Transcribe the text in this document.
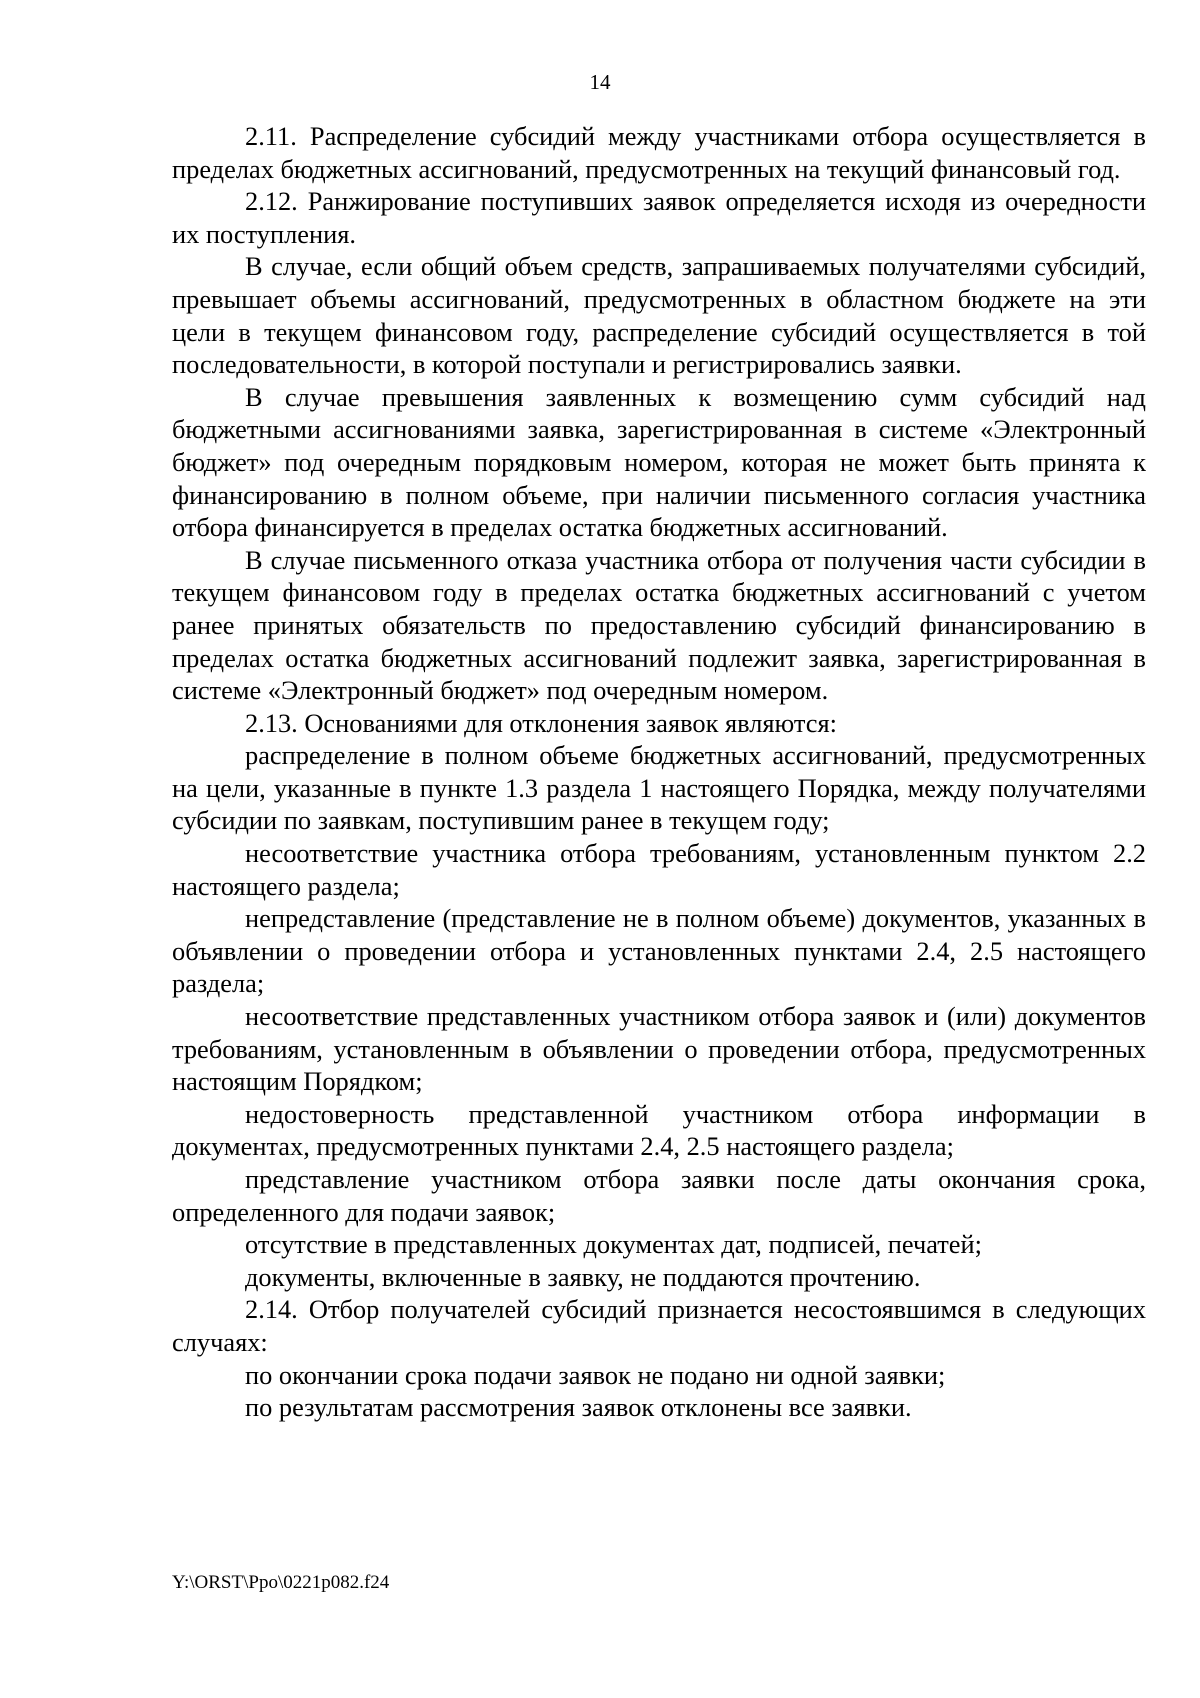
14

2.11. Распределение субсидий между участниками отбора осуществляется в пределах бюджетных ассигнований, предусмотренных на текущий финансовый год.

2.12. Ранжирование поступивших заявок определяется исходя из очередности их поступления.

В случае, если общий объем средств, запрашиваемых получателями субсидий, превышает объемы ассигнований, предусмотренных в областном бюджете на эти цели в текущем финансовом году, распределение субсидий осуществляется в той последовательности, в которой поступали и регистрировались заявки.

В случае превышения заявленных к возмещению сумм субсидий над бюджетными ассигнованиями заявка, зарегистрированная в системе «Электронный бюджет» под очередным порядковым номером, которая не может быть принята к финансированию в полном объеме, при наличии письменного согласия участника отбора финансируется в пределах остатка бюджетных ассигнований.

В случае письменного отказа участника отбора от получения части субсидии в текущем финансовом году в пределах остатка бюджетных ассигнований с учетом ранее принятых обязательств по предоставлению субсидий финансированию в пределах остатка бюджетных ассигнований подлежит заявка, зарегистрированная в системе «Электронный бюджет» под очередным номером.

2.13. Основаниями для отклонения заявок являются:

распределение в полном объеме бюджетных ассигнований, предусмотренных на цели, указанные в пункте 1.3 раздела 1 настоящего Порядка, между получателями субсидии по заявкам, поступившим ранее в текущем году;

несоответствие участника отбора требованиям, установленным пунктом 2.2 настоящего раздела;

непредставление (представление не в полном объеме) документов, указанных в объявлении о проведении отбора и установленных пунктами 2.4, 2.5 настоящего раздела;

несоответствие представленных участником отбора заявок и (или) документов требованиям, установленным в объявлении о проведении отбора, предусмотренных настоящим Порядком;

недостоверность представленной участником отбора информации в документах, предусмотренных пунктами 2.4, 2.5 настоящего раздела;

представление участником отбора заявки после даты окончания срока, определенного для подачи заявок;

отсутствие в представленных документах дат, подписей, печатей;

документы, включенные в заявку, не поддаются прочтению.

2.14. Отбор получателей субсидий признается несостоявшимся в следующих случаях:

по окончании срока подачи заявок не подано ни одной заявки;

по результатам рассмотрения заявок отклонены все заявки.

Y:\ORST\Ppo\0221p082.f24
